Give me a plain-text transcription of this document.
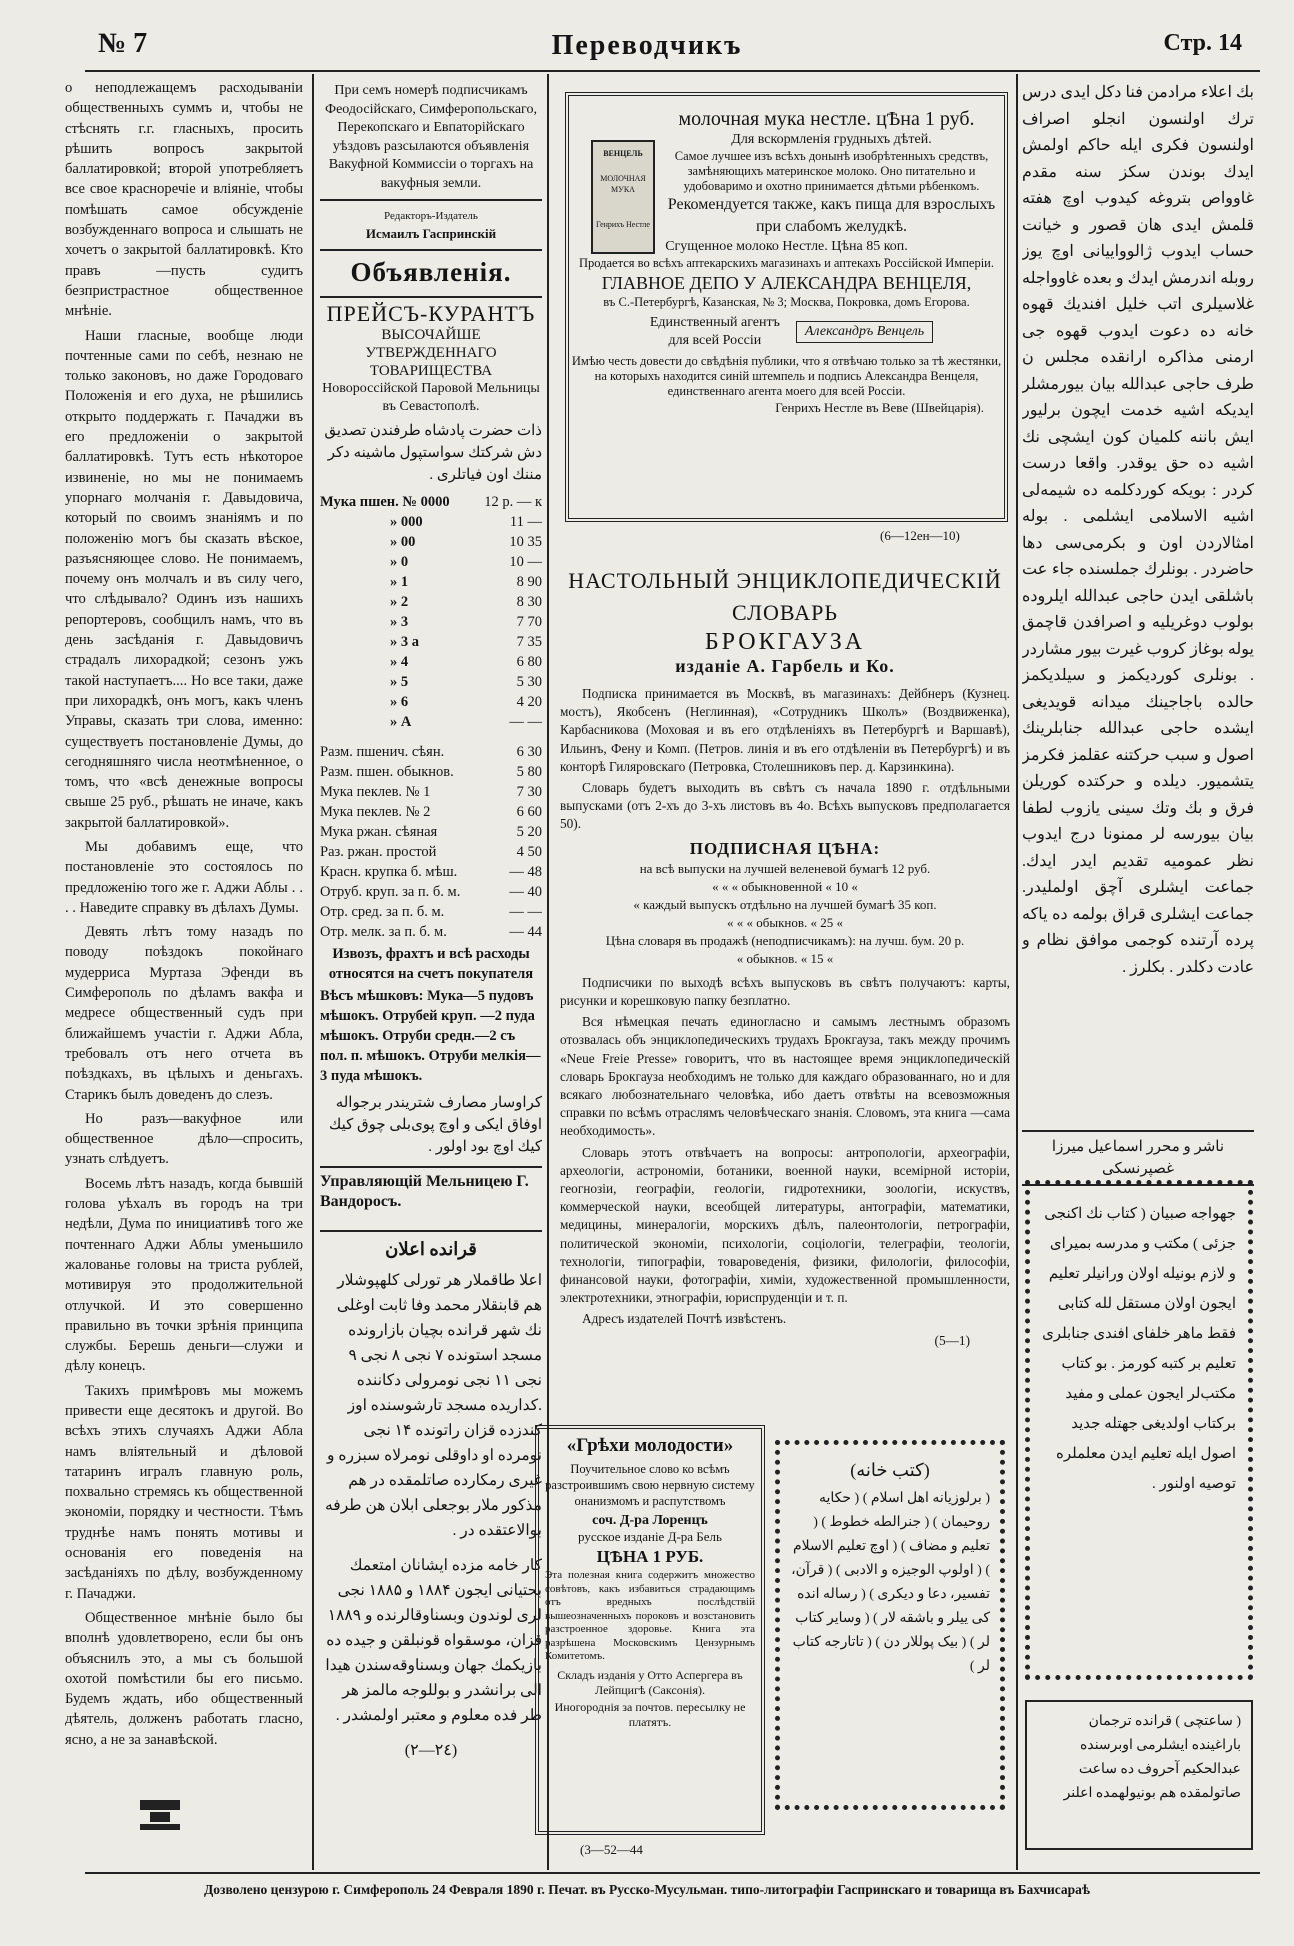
№ 7	Переводчикъ	Стр. 14

о неподлежащемъ расходыванiи общественныхъ суммъ и, чтобы не стѣснять г.г. гласныхъ, просить рѣшить вопросъ закрытой баллатировкой; второй употребляетъ все свое красноречiе и влiянiе, чтобы помѣшать самое обсужденiе возбужденнаго вопроса и слышать не хочетъ о закрытой баллатировкѣ. Кто правъ —пусть судитъ безпристрастное общественное мнѣнiе.

Наши гласные, вообще люди почтенные сами по себѣ, незнаю не только законовъ, но даже Городоваго Положенiя и его духа, не рѣшились открыто поддержать г. Пачаджи въ его предложенiи о закрытой баллатировкѣ. Тутъ есть нѣкоторое извиненiе, но мы не понимаемъ упорнаго молчанiя г. Давыдовича, который по своимъ знанiямъ и по положенiю могъ бы сказать вѣское, разъясняющее слово. Не понимаемъ, почему онъ молчалъ и въ силу чего, что слѣдывало? Одинъ изъ нашихъ репортеровъ, сообщилъ намъ, что въ день засѣданiя г. Давыдовичъ страдалъ лихорадкой; сезонъ ужъ такой наступаетъ.... Но все таки, даже при лихорадкѣ, онъ могъ, какъ членъ Управы, сказать три слова, именно: существуетъ постановленiе Думы, до сегодняшняго числа неотмѣненное, о томъ, что «всѣ денежные вопросы свыше 25 руб., рѣшать не иначе, какъ закрытой баллатировкой».

Мы добавимъ еще, что постановленiе это состоялось по предложенiю того же г. Аджи Аблы . . . . Наведите справку въ дѣлахъ Думы.

Девять лѣтъ тому назадъ по поводу поѣздокъ покойнаго мудерриса Муртаза Эфенди въ Симферополь по дѣламъ вакфа и медресе общественный судъ при ближайшемъ участiи г. Аджи Абла, требовалъ отъ него отчета въ поѣздкахъ, въ цѣлыхъ и деньгахъ. Старикъ былъ доведенъ до слезъ.

Но разъ—вакуфное или общественное дѣло—спросить, узнать слѣдуетъ.

Восемь лѣтъ назадъ, когда бывшiй голова уѣхалъ въ городъ на три недѣли, Дума по инициативѣ того же почтеннаго Аджи Аблы уменьшило жалованье головы на триста рублей, мотивируя это продолжительной отлучкой. И это совершенно правильно въ точки зрѣнiя принципа службы. Берешь деньги—служи и дѣлу конецъ.

Такихъ примѣровъ мы можемъ привести еще десятокъ и другой. Во всѣхъ этихъ случаяхъ Аджи Абла намъ влiятельный и дѣловой татаринъ игралъ главную роль, похвально стремясь къ общественной экономiи, порядку и честности. Тѣмъ труднѣе намъ понять мотивы и основанiя его поведенiя на засѣданiяхъ по дѣлу, возбужденному г. Пачаджи.

Общественное мнѣнiе было бы вполнѣ удовлетворено, если бы онъ объяснилъ это, а мы съ большой охотой помѣстили бы его письмо. Будемъ ждать, ибо общественный дѣятель, долженъ работать гласно, ясно, а не за занавѣской.

При семъ номерѣ подписчикамъ Феодосiйскаго, Симферопольскаго, Перекопскаго и Евпаторiйскаго уѣздовъ разсылаются объявленiя Вакуфной Коммиссiи о торгахъ на вакуфныя земли.

Редакторъ-Издатель
Исмаилъ Гаспринскiй
Объявленiя.
ПРЕЙСЪ-КУРАНТЪ
ВЫСОЧАЙШЕ УТВЕРЖДЕННАГО ТОВАРИЩЕСТВА
Новороссiйской Паровой Мельницы въ Севастополѣ.
ذات حضرت پادشاه طرفندن تصدیق دش شرکتك سواستپول ماشینه دکر مننك اون فیاتلری .
Мука пшен. № 0000 12 р. — к
» 000	11 —
» 00	10 35
» 0	10 —
» 1	8 90
» 2	8 30
» 3	7 70
» 3 а	7 35
» 4	6 80
» 5	5 30
» 6	4 20
» А	— —
Разм. пшенич. сѣян.	6 30
Разм. пшен. обыкнов.	5 80
Мука пеклев. № 1	7 30
Мука пеклев. № 2	6 60
Мука ржан. сѣяная	5 20
Раз. ржан. простой	4 50
Красн. крупка б. мѣш.	— 48
Отруб. круп. за п. б. м.	— 40
Отр. сред. за п. б. м.	— —
Отр. мелк. за п. б. м.	— 44
Извозъ, фрахтъ и всѣ расходы относятся на счетъ покупателя
Вѣсъ мѣшковъ: Мука—5 пудовъ мѣшокъ. Отрубей круп. —2 пуда мѣшокъ. Отруби средн.—2 съ пол. п. мѣшокъ. Отруби мелкiя—3 пуда мѣшокъ.
كراوسار مصارف شتریندر برجواله اوفاق ایکی و اوچ پوی‌بلی چوق کیك كیك اوچ بود اولور .
Управляющiй Мельницею Г. Вандоросъ.
قرانده اعلان
اعلا طاقملار هر تورلی کلهپوشلار هم قابنقلار محمد وفا ثابت اوغلی نك شهر قرانده بچیان بازارونده مسجد استونده ۷ نجی ۸ نجی ۹ نجی ۱۱ نجی نومرولی دکاننده .کداریده مسجد تارشوسنده اوز کندزده قزان راتونده ۱۴ نجی نومرده او داوقلی نومرلاه سبزره و غیری رمکارده صاتلمقده در هم مذکور ملار بوجعلی ابلان هن طرفه بوالاعتقده در .
کار خامه مزده ایشانان امتعمك بحتیانی ایجون ۱۸۸۴ و ۱۸۸۵ نجی لری لوندون وبسناوقالرنده و ۱۸۸۹ قزان، موسقواه قونبلقن و جیده ده بازیکمك جهان وبسناوقه‌سندن هیدا الی برانشدر و بوللوجه مالمز هر طر فده معلوم و معتبر اولمشدر .
(۲—۲٤)
ВЕНЦЕЛЬ
МОЛОЧНАЯ МУКА
Генрихъ Нестле
молочная мука нестле. цѢна 1 руб.
Для вскормленiя грудныхъ дѣтей.
Самое лучшее изъ всѣхъ донынѣ изобрѣтенныхъ средствъ, замѣняющихъ материнское молоко. Оно питательно и удобоваримо и охотно принимается дѣтьми рѣбенкомъ.
Рекомендуется также, какъ пища для взрослыхъ при слабомъ желудкѣ.
Сгущенное молоко Нестле. Цѣна 85 коп.
Продается во всѣхъ аптекарскихъ магазинахъ и аптекахъ Россiйской Имперiи.
ГЛАВНОЕ ДЕПО У АЛЕКСАНДРА ВЕНЦЕЛЯ,
въ С.-Петербургѣ, Казанская, № 3; Москва, Покровка, домъ Егорова.
Единственный агентъ для всей Россiи
Александръ Венцель
Имѣю честь довести до свѣдѣнiя публики, что я отвѣчаю только за тѣ жестянки, на которыхъ находится синiй штемпель и подпись Александра Венцеля, единственнаго агента моего для всей Россiи.
Генрихъ Нестле въ Веве (Швейцарiя).
(6—12ен—10)
НАСТОЛЬНЫЙ ЭНЦИКЛОПЕДИЧЕСКIЙ СЛОВАРЬ
БРОКГАУЗА
изданiе А. Гарбель и Ко.

Подписка принимается въ Москвѣ, въ магазинахъ: Дейбнеръ (Кузнец. мостъ), Якобсенъ (Неглинная), «Сотрудникъ Школъ» (Воздвиженка), Карбасникова (Моховая и въ его отдѣленiяхъ въ Петербургѣ и Варшавѣ), Ильинъ, Фену и Комп. (Петров. линiя и въ его отдѣленiи въ Петербургѣ) и въ конторѣ Гиляровскаго (Петровка, Столешниковъ пер. д. Карзинкина).

Словарь будетъ выходить въ свѣтъ съ начала 1890 г. отдѣльными выпусками (отъ 2-хъ до 3-хъ листовъ въ 4о. Всѣхъ выпусковъ предполагается 50).

ПОДПИСНАЯ ЦѢНА:
на всѣ выпуски на лучшей веленевой бумагѣ 12 руб.
« « « обыкновенной « 10 «
« каждый выпускъ отдѣльно на лучшей бумагѣ 35 коп.
« « « обыкнов. « 25 «
Цѣна словаря въ продажѣ (неподписчикамъ): на лучш. бум. 20 р.
« обыкнов. « 15 «

Подписчики по выходѣ всѣхъ выпусковъ въ свѣтъ получаютъ: карты, рисунки и корешковую папку безплатно.

Вся нѣмецкая печать единогласно и самымъ лестнымъ образомъ отозвалась объ энциклопедическихъ трудахъ Брокгауза, такъ между прочимъ «Neue Freie Presse» говоритъ, что въ настоящее время энциклопедическiй словарь Брокгауза необходимъ не только для каждаго образованнаго, но и для всякаго любознательнаго человѣка, ибо даетъ отвѣты на всевозможныя справки по всѣмъ отраслямъ человѣческаго знанiя. Словомъ, эта книга —сама необходимость».

Словарь этотъ отвѣчаетъ на вопросы: антропологiи, археографiи, археологiи, астрономiи, ботаники, военной науки, всемiрной исторiи, геогнозiи, географiи, геологiи, гидротехники, зоологiи, искуствъ, коммерческой науки, всеобщей литературы, антографiи, математики, медицины, минералогiи, морскихъ дѣлъ, палеонтологiи, петрографiи, политической экономiи, психологiи, соцiологiи, телеграфiи, теологiи, технологiи, типографiи, товароведенiя, физики, филологiи, философiи, финансовой науки, фотографiи, химiи, художественной промышленности, электротехники, этнографiи, юриспруденцiи и т. п.

Адресъ издателей Почтѣ извѣстенъ.

(5—1)
«Грѣхи молодости»
Поучительное слово ко всѣмъ разстроившимъ свою нервную систему онанизмомъ и распутствомъ
соч. Д-ра Лоренцъ
русское изданiе Д-ра Бель
ЦѢНА 1 РУБ.
Эта полезная книга содержитъ множество совѣтовъ, какъ избавиться страдающимъ отъ вредныхъ послѣдствiй вышеозначенныхъ пороковъ и возстановить разстроенное здоровье. Книга эта разрѣшена Московскимъ Цензурнымъ Комитетомъ.
Складъ изданiя у Отто Аспергера въ Лейпцигѣ (Саксонiя).
Иногороднiя за почтов. пересылку не платятъ.
(3—52—44
(کتب خانه)
( برلوزیانه اهل اسلام ) ( حکایه روحیمان ) ( جنرالطه خطوط ) ( تعلیم و مضاف ) ( اوچ تعلیم الاسلام ) ( اولوپ الوجیزه و الادبی ) ( قرآن، تفسیر، دعا و دیکری ) ( رساله انده کی ییلر و باشقه لار ) ( وسایر کتاب لر ) ( بیک پوللار دن ) ( تاتارجه کتاب لر )

بك اعلاء مرادمن فنا دکل ایدی درس ترك اولنسون انجلو اصراف اولنسون فکری ایله حاکم اولمش ایدك بوندن سکز سنه مقدم غاوواص بتروغه کیدوب اوچ هفته قلمش ایدی هان قصور و خیانت حساب ایدوب ژالوواییانی اوچ یوز روبله اندرمش ایدك و بعده غاوواجله غلاسیلری اتب خلیل افندیك قهوه خانه ده دعوت ایدوب قهوه جی ارمنی مذاکره ارانقده مجلس ن طرف حاجی عبدالله بیان بیورمشلر ایدیکه اشیه خدمت ایچون برلیور ایش باننه کلمیان کون ایشچی نك اشیه ده حق یوقدر. واقعا درست کردر : بویکه کوردکلمه ده شیمه‌لی اشیه الاسلامی ایشلمی . بوله امثالاردن اون و بکرمی‌سی دها حاضردر . بونلرك جملسنده جاء عت باشلقی ایدن حاجی عبدالله ایلروده بولوب دوغریلیه و اصرافدن قاچمق یوله بوغاز کروب غیرت بیور مشاردر . بونلری کوردیکمز و سیلدیکمز حالده باجاجینك میدانه قویدیغی ایشده حاجی عبدالله جنابلرینك اصول و سبب حرکتنه عقلمز فکرمز یتشمیور. دیلده و حرکتده کوریلن فرق و بك وتك سینی یازوب لطفا بیان بیورسه لر ممنونا درج ایدوب نظر عمومیه تقدیم ایدر ایدك. جماعت ایشلری آچق اولملیدر. جماعت ایشلری قراق بولمه ده یاکه پرده آرتنده کوجمی موافق نظام و عادت دکلدر . بکلرز .

ناشر و محرر اسماعیل میرزا غصپرنسکی
جهواجه صبیان ( کتاب نك اکنجی جزئی ) مكتب و مدرسه بمیرای و لازم بونیله اولان ورانیلر تعلیم ایجون اولان مستقل لله کتابی فقط ماهر خلفای افندی جنابلری تعلیم بر کتبه کورمز . بو کتاب مکتب‌لر ایجون عملی و مفید برکتاب اولدیغی جهتله جدید اصول ایله تعلیم ایدن معلملره توصیه اولنور .
( ساعتچی ) قرانده ترجمان باراغینده ایشلرمی اوبرسنده عبدالحکیم آحروف ده ساعت صاتولمقده هم بونیولهمده اعلنر
Дозволено цензурою г. Симферополь 24 Февраля 1890 г. Печат. въ Русско-Мусульман. типо-литографiи Гаспринскаго и товарища въ Бахчисараѣ
